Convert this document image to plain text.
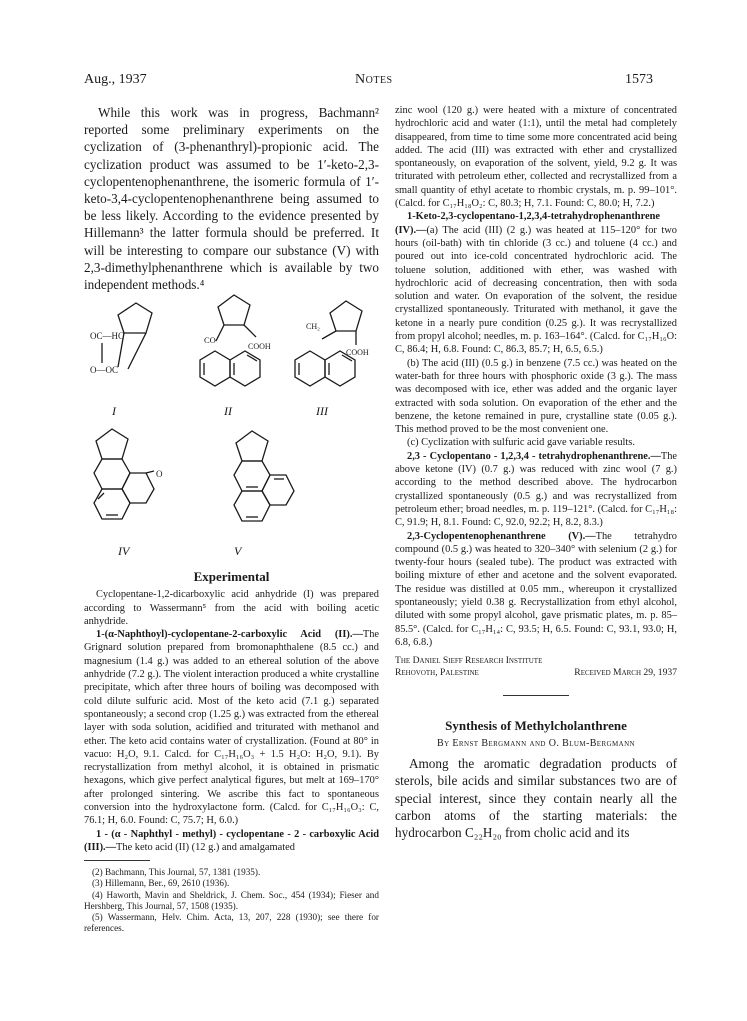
Aug., 1937	Notes	1573

While this work was in progress, Bachmann² reported some preliminary experiments on the cyclization of (3-phenanthryl)-propionic acid. The cyclization product was assumed to be 1′-keto-2,3-cyclopentenophenanthrene, the isomeric formula of 1′-keto-3,4-cyclopentenophenanthrene being assumed to be less likely. According to the evidence presented by Hillemann³ the latter formula should be preferred. It will be interesting to compare our substance (V) with 2,3-dimethylphenanthrene which is available by two independent methods.⁴

OC—HC
O—OC
CO
COOH
CH₂
COOH
I	II	III
O
IV	V
Experimental

Cyclopentane-1,2-dicarboxylic acid anhydride (I) was prepared according to Wassermann⁵ from the acid with boiling acetic anhydride.

1-(α-Naphthoyl)-cyclopentane-2-carboxylic Acid (II).—The Grignard solution prepared from bromonaphthalene (8.5 cc.) and magnesium (1.4 g.) was added to an ethereal solution of the above anhydride (7.2 g.). The violent interaction produced a white crystalline precipitate, which after three hours of boiling was decomposed with cold dilute sulfuric acid. Most of the keto acid (7.1 g.) separated spontaneously; a second crop (1.25 g.) was extracted from the ethereal layer with soda solution, acidified and triturated with methanol and ether. The keto acid contains water of crystallization. (Found at 80° in vacuo: H₂O, 9.1. Calcd. for C₁₇H₁₆O₃ + 1.5 H₂O: H₂O, 9.1). By recrystallization from methyl alcohol, it is obtained in prismatic hexagons, which give perfect analytical figures, but melt at 169–170° after prolonged sintering. We ascribe this fact to spontaneous conversion into the hydroxylactone form. (Calcd. for C₁₇H₁₆O₃: C, 76.1; H, 6.0. Found: C, 75.7; H, 6.0.)

1 - (α - Naphthyl - methyl) - cyclopentane - 2 - carboxylic Acid (III).—The keto acid (II) (12 g.) and amalgamated

(2) Bachmann, This Journal, 57, 1381 (1935).

(3) Hillemann, Ber., 69, 2610 (1936).

(4) Haworth, Mavin and Sheldrick, J. Chem. Soc., 454 (1934); Fieser and Hershberg, This Journal, 57, 1508 (1935).

(5) Wassermann, Helv. Chim. Acta, 13, 207, 228 (1930); see there for references.

zinc wool (120 g.) were heated with a mixture of concentrated hydrochloric acid and water (1:1), until the metal had completely disappeared, from time to time some more concentrated acid being added. The acid (III) was extracted with ether and crystallized spontaneously, on evaporation of the solvent, yield, 9.2 g. It was triturated with petroleum ether, collected and recrystallized from a small quantity of ethyl acetate to rhombic crystals, m. p. 99–101°. (Calcd. for C₁₇H₁₈O₂: C, 80.3; H, 7.1. Found: C, 80.0; H, 7.2.)

1-Keto-2,3-cyclopentano-1,2,3,4-tetrahydrophenanthrene (IV).—(a) The acid (III) (2 g.) was heated at 115–120° for two hours (oil-bath) with tin chloride (3 cc.) and toluene (4 cc.) and poured out into ice-cold concentrated hydrochloric acid. The toluene solution, additioned with ether, was washed with hydrochloric acid of decreasing concentration, then with soda solution and water. On evaporation of the solvent, the residue crystallized spontaneously. Triturated with methanol, it gave the ketone in a nearly pure condition (0.25 g.). It was recrystallized from propyl alcohol; needles, m. p. 163–164°. (Calcd. for C₁₇H₁₆O: C, 86.4; H, 6.8. Found: C, 86.3, 85.7; H, 6.5, 6.5.)

(b) The acid (III) (0.5 g.) in benzene (7.5 cc.) was heated on the water-bath for three hours with phosphoric oxide (3 g.). The mass was decomposed with ice, ether was added and the organic layer extracted with soda solution. On evaporation of the ether and the benzene, the ketone remained in pure, crystalline state (0.05 g.). This method proved to be the most convenient one.

(c) Cyclization with sulfuric acid gave variable results.

2,3 - Cyclopentano - 1,2,3,4 - tetrahydrophenanthrene.—The above ketone (IV) (0.7 g.) was reduced with zinc wool (7 g.) according to the method described above. The hydrocarbon crystallized spontaneously (0.5 g.) and was recrystallized from petroleum ether; broad needles, m. p. 119–121°. (Calcd. for C₁₇H₁₈: C, 91.9; H, 8.1. Found: C, 92.0, 92.2; H, 8.2, 8.3.)

2,3-Cyclopentenophenanthrene (V).—The tetrahydro compound (0.5 g.) was heated to 320–340° with selenium (2 g.) for twenty-four hours (sealed tube). The product was extracted with boiling mixture of ether and acetone and the solvent evaporated. The residue was distilled at 0.05 mm., whereupon it crystallized spontaneously; yield 0.38 g. Recrystallization from ethyl alcohol, diluted with some propyl alcohol, gave prismatic plates, m. p. 85–85.5°. (Calcd. for C₁₇H₁₄: C, 93.5; H, 6.5. Found: C, 93.1, 93.0; H, 6.8, 6.8.)

The Daniel Sieff Research Institute
Rehovoth, Palestine	Received March 29, 1937
Synthesis of Methylcholanthrene
By Ernst Bergmann and O. Blum-Bergmann

Among the aromatic degradation products of sterols, bile acids and similar substances two are of special interest, since they contain nearly all the carbon atoms of the starting materials: the hydrocarbon C₂₂H₂₀ from cholic acid and its
